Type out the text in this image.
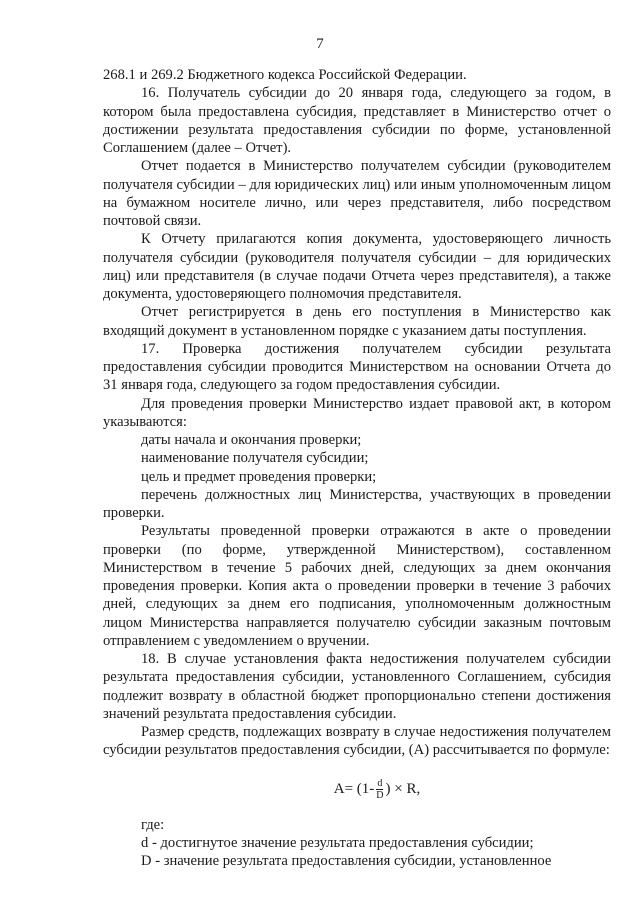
7

268.1 и 269.2 Бюджетного кодекса Российской Федерации.

16. Получатель субсидии до 20 января года, следующего за годом, в котором была предоставлена субсидия, представляет в Министерство отчет о достижении результата предоставления субсидии по форме, установленной Соглашением (далее – Отчет).

Отчет подается в Министерство получателем субсидии (руководителем получателя субсидии – для юридических лиц) или иным уполномоченным лицом на бумажном носителе лично, или через представителя, либо посредством почтовой связи.

К Отчету прилагаются копия документа, удостоверяющего личность получателя субсидии (руководителя получателя субсидии – для юридических лиц) или представителя (в случае подачи Отчета через представителя), а также документа, удостоверяющего полномочия представителя.

Отчет регистрируется в день его поступления в Министерство как входящий документ в установленном порядке с указанием даты поступления.

17. Проверка достижения получателем субсидии результата предоставления субсидии проводится Министерством на основании Отчета до 31 января года, следующего за годом предоставления субсидии.

Для проведения проверки Министерство издает правовой акт, в котором указываются:

даты начала и окончания проверки;

наименование получателя субсидии;

цель и предмет проведения проверки;

перечень должностных лиц Министерства, участвующих в проведении проверки.

Результаты проведенной проверки отражаются в акте о проведении проверки (по форме, утвержденной Министерством), составленном Министерством в течение 5 рабочих дней, следующих за днем окончания проведения проверки. Копия акта о проведении проверки в течение 3 рабочих дней, следующих за днем его подписания, уполномоченным должностным лицом Министерства направляется получателю субсидии заказным почтовым отправлением с уведомлением о вручении.

18. В случае установления факта недостижения получателем субсидии результата предоставления субсидии, установленного Соглашением, субсидия подлежит возврату в областной бюджет пропорционально степени достижения значений результата предоставления субсидии.

Размер средств, подлежащих возврату в случае недостижения получателем субсидии результатов предоставления субсидии, (А) рассчитывается по формуле:

$A= (1- \frac{d}{D}$ ) × R,

где:

d - достигнутое значение результата предоставления субсидии;

D - значение результата предоставления субсидии, установленное
